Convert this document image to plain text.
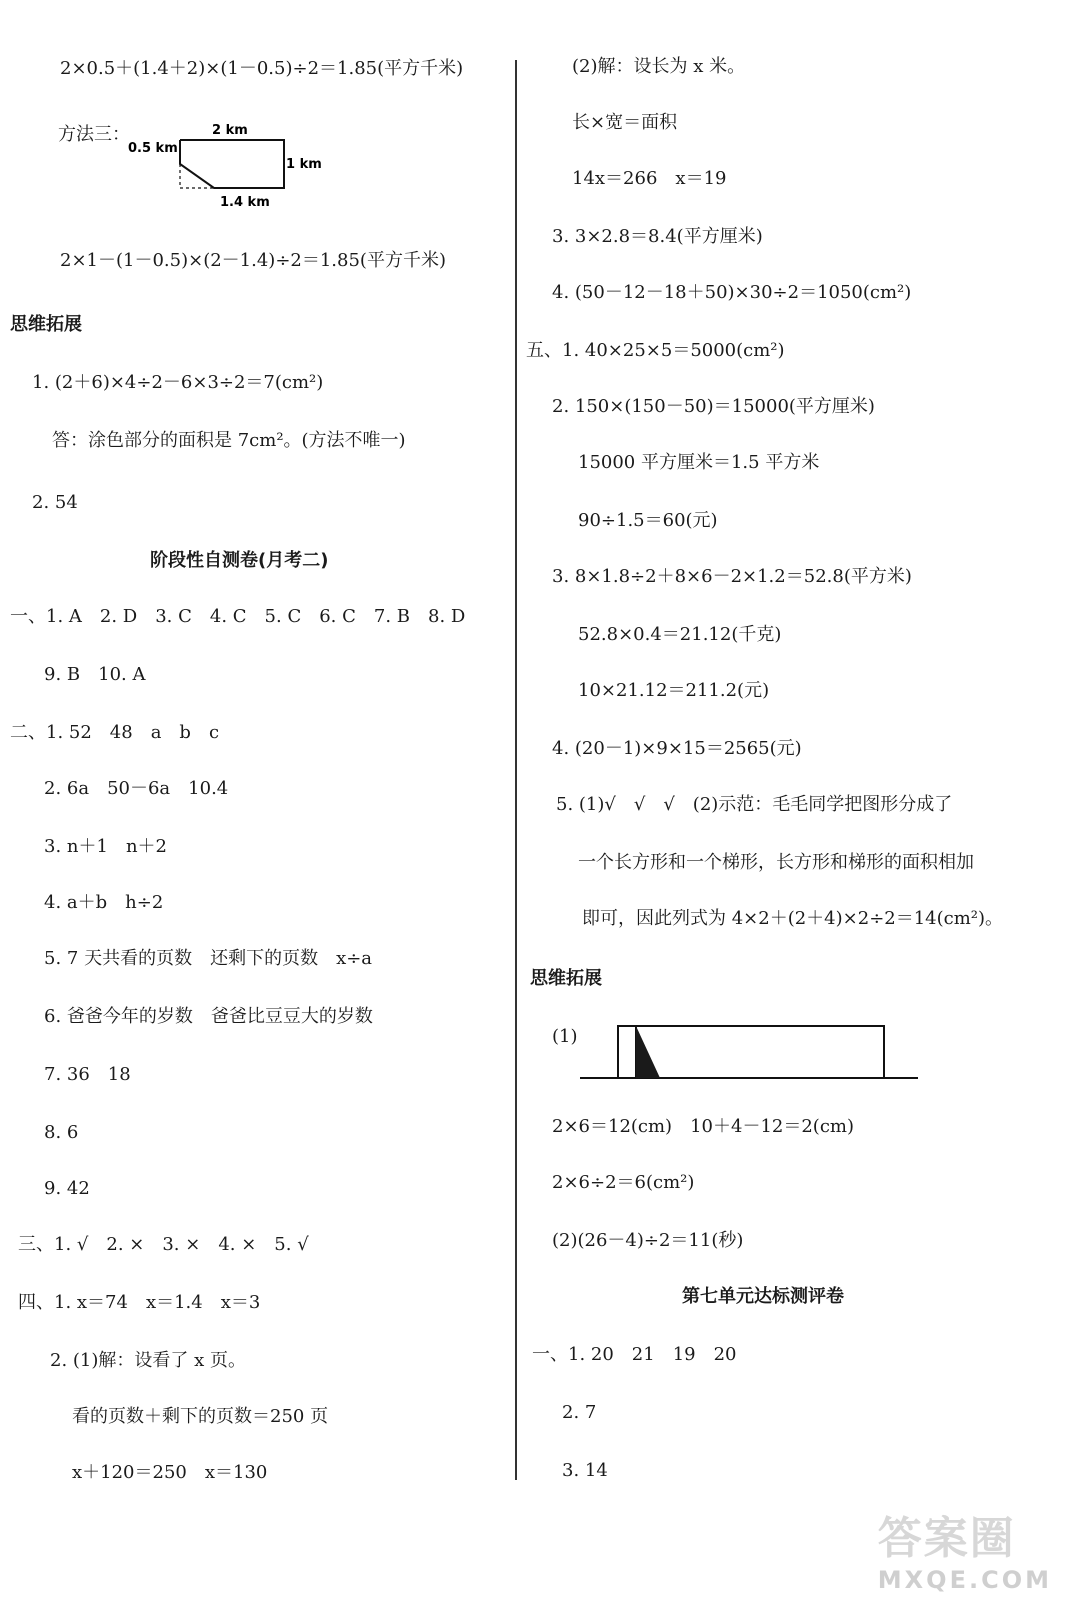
2×0.5＋(1.4＋2)×(1－0.5)÷2＝1.85(平方千米)
方法三：	2 km
0.5 km
1 km
1.4 km
2×1－(1－0.5)×(2－1.4)÷2＝1.85(平方千米)
思维拓展
1. (2＋6)×4÷2－6×3÷2＝7(cm²)
答：涂色部分的面积是 7cm²。(方法不唯一)
2. 54
阶段性自测卷(月考二)
一、1. A　2. D　3. C　4. C　5. C　6. C　7. B　8. D
9. B　10. A
二、1. 52　48　a　b　c
2. 6a　50－6a　10.4
3. n＋1　n＋2
4. a＋b　h÷2
5. 7 天共看的页数　还剩下的页数　x÷a
6. 爸爸今年的岁数　爸爸比豆豆大的岁数
7. 36　18
8. 6
9. 42
三、1. √　2. ×　3. ×　4. ×　5. √
四、1. x＝74　x＝1.4　x＝3
2. (1)解：设看了 x 页。
看的页数＋剩下的页数＝250 页
x＋120＝250　x＝130
(2)解：设长为 x 米。
长×宽＝面积
14x＝266　x＝19
3. 3×2.8＝8.4(平方厘米)
4. (50－12－18＋50)×30÷2＝1050(cm²)
五、1. 40×25×5＝5000(cm²)
2. 150×(150－50)＝15000(平方厘米)
15000 平方厘米＝1.5 平方米
90÷1.5＝60(元)
3. 8×1.8÷2＋8×6－2×1.2＝52.8(平方米)
52.8×0.4＝21.12(千克)
10×21.12＝211.2(元)
4. (20－1)×9×15＝2565(元)
5. (1)√　√　√　(2)示范：毛毛同学把图形分成了
一个长方形和一个梯形，长方形和梯形的面积相加
即可，因此列式为 4×2＋(2＋4)×2÷2＝14(cm²)。
思维拓展
(1)
2×6＝12(cm)　10＋4－12＝2(cm)
2×6÷2＝6(cm²)
(2)(26－4)÷2＝11(秒)
第七单元达标测评卷
一、1. 20　21　19　20
2. 7
3. 14
答案圈
MXQE.COM
